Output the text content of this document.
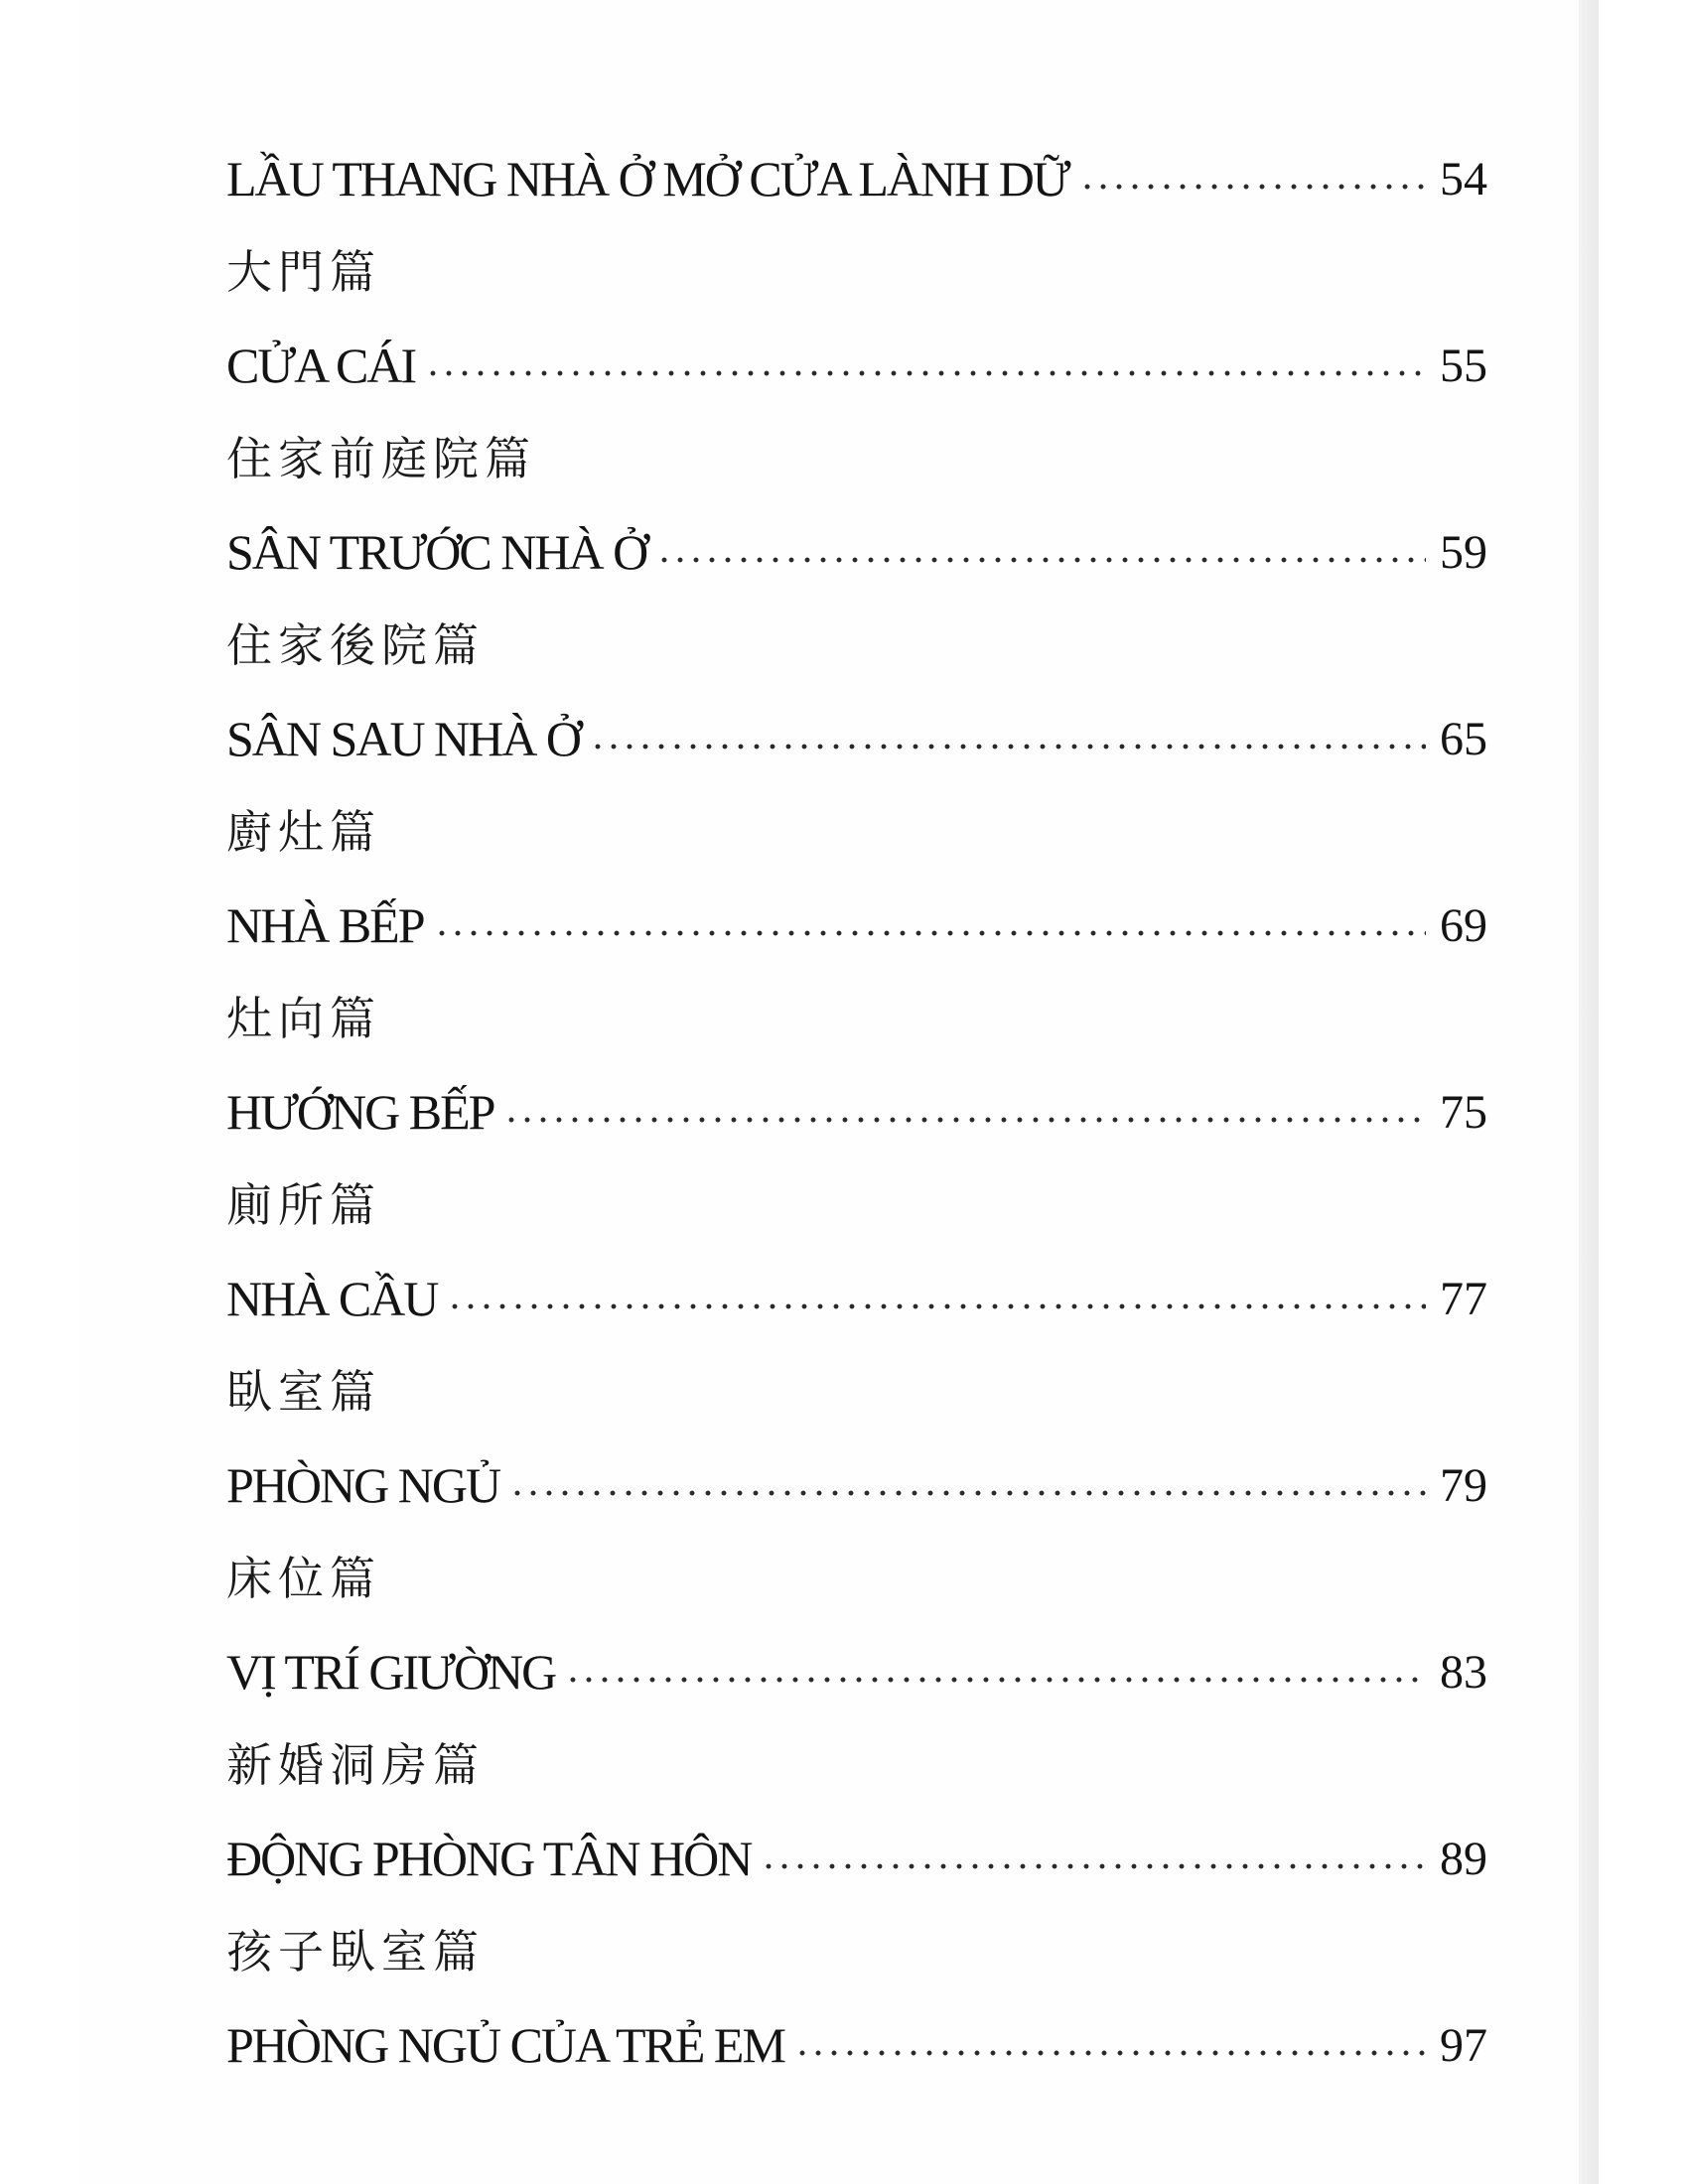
LẦU THANG NHÀ Ở MỞ CỬA LÀNH DỮ	54
大門篇
CỬA CÁI	55
住家前庭院篇
SÂN TRƯỚC NHÀ Ở	59
住家後院篇
SÂN SAU NHÀ Ở	65
廚灶篇
NHÀ BẾP	69
灶向篇
HƯỚNG BẾP	75
廁所篇
NHÀ CẦU	77
臥室篇
PHÒNG NGỦ	79
床位篇
VỊ TRÍ GIƯỜNG	83
新婚洞房篇
ĐỘNG PHÒNG TÂN HÔN	89
孩子臥室篇
PHÒNG NGỦ CỦA TRẺ EM	97
